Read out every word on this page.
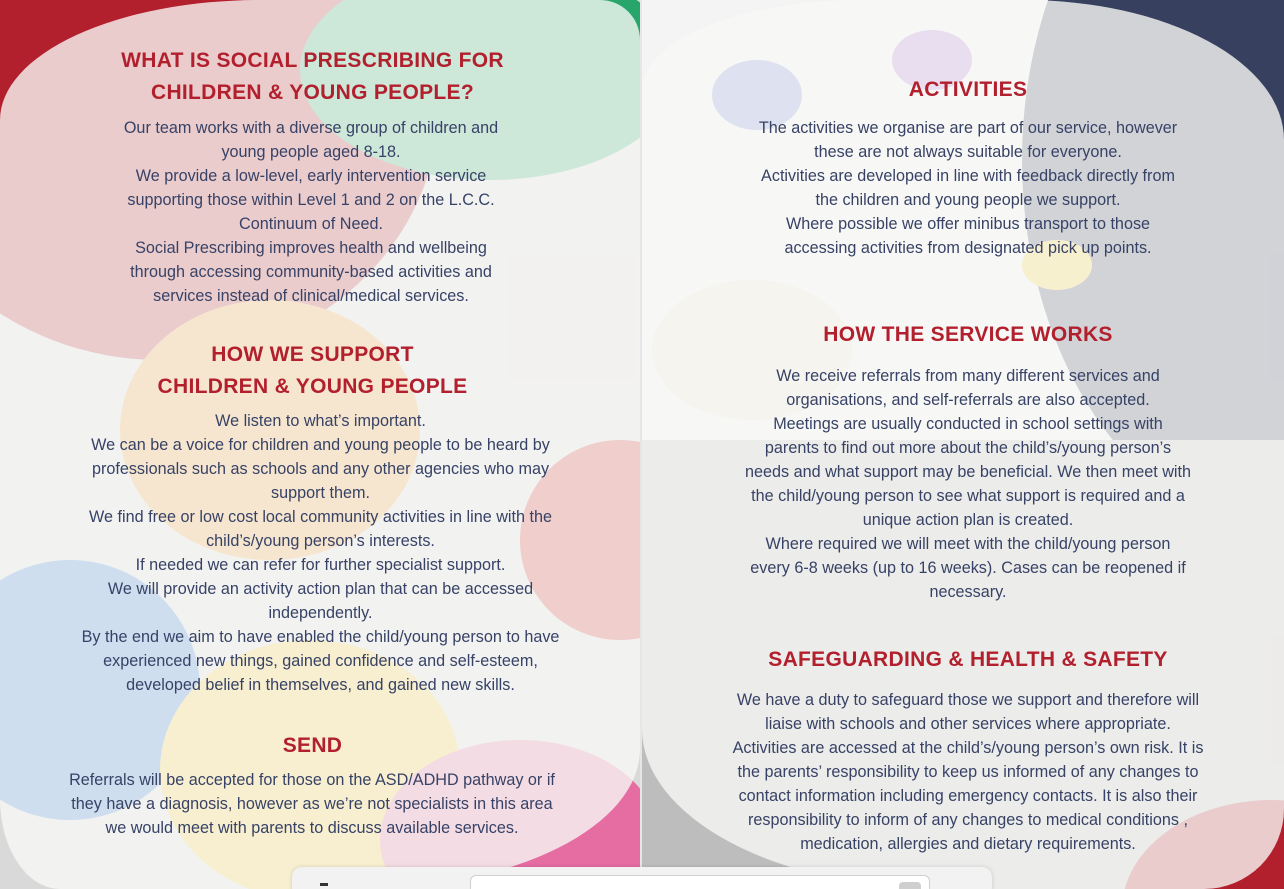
WHAT IS SOCIAL PRESCRIBING FOR
CHILDREN & YOUNG PEOPLE?

Our team works with a diverse group of children and

young people aged 8-18.

We provide a low-level, early intervention service

supporting those within Level 1 and 2 on the L.C.C.

Continuum of Need.

Social Prescribing improves health and wellbeing

through accessing community-based activities and

services instead of clinical/medical services.

HOW WE SUPPORT
CHILDREN & YOUNG PEOPLE

We listen to what’s important.

We can be a voice for children and young people to be heard by

professionals such as schools and any other agencies who may

support them.

We find free or low cost local community activities in line with the

child’s/young person’s interests.

If needed we can refer for further specialist support.

We will provide an activity action plan that can be accessed

independently.

By the end we aim to have enabled the child/young person to have

experienced new things, gained confidence and self-esteem,

developed belief in themselves, and gained new skills.

SEND

Referrals will be accepted for those on the ASD/ADHD pathway or if

they have a diagnosis, however as we’re not specialists in this area

we would meet with parents to discuss available services.

ACTIVITIES

The activities we organise are part of our service, however

these are not always suitable for everyone.

Activities are developed in line with feedback directly from

the children and young people we support.

Where possible we offer minibus transport to those

accessing activities from designated pick up points.

HOW THE SERVICE WORKS

We receive referrals from many different services and

organisations, and self-referrals are also accepted.

Meetings are usually conducted in school settings with

parents to find out more about the child’s/young person’s

needs and what support may be beneficial. We then meet with

the child/young person to see what support is required and a

unique action plan is created.

Where required we will meet with the child/young person

every 6-8 weeks (up to 16 weeks). Cases can be reopened if

necessary.

SAFEGUARDING & HEALTH & SAFETY

We have a duty to safeguard those we support and therefore will

liaise with schools and other services where appropriate.

Activities are accessed at the child’s/young person’s own risk. It is

the parents’ responsibility to keep us informed of any changes to

contact information including emergency contacts. It is also their

responsibility to inform of any changes to medical conditions ,

medication, allergies and dietary requirements.
